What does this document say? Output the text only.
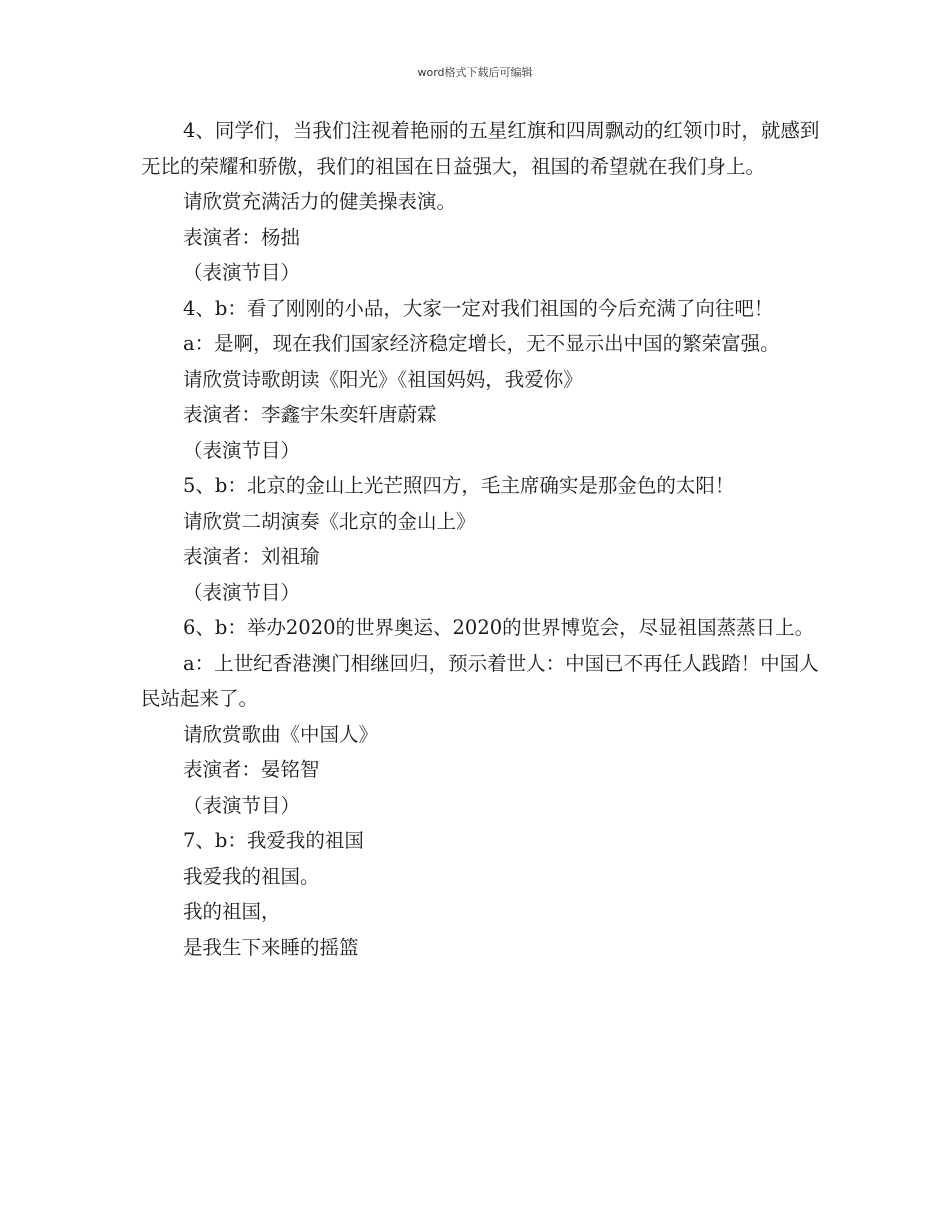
word格式下载后可编辑

4、同学们，当我们注视着艳丽的五星红旗和四周飘动的红领巾时，就感到无比的荣耀和骄傲，我们的祖国在日益强大，祖国的希望就在我们身上。

请欣赏充满活力的健美操表演。

表演者：杨拙

（表演节目）

4、b：看了刚刚的小品，大家一定对我们祖国的今后充满了向往吧！

a：是啊，现在我们国家经济稳定增长，无不显示出中国的繁荣富强。

请欣赏诗歌朗读《阳光》《祖国妈妈，我爱你》

表演者：李鑫宇朱奕轩唐蔚霖

（表演节目）

5、b：北京的金山上光芒照四方，毛主席确实是那金色的太阳！

请欣赏二胡演奏《北京的金山上》

表演者：刘祖瑜

（表演节目）

6、b：举办2020的世界奥运、2020的世界博览会，尽显祖国蒸蒸日上。

a：上世纪香港澳门相继回归，预示着世人：中国已不再任人践踏！中国人民站起来了。

请欣赏歌曲《中国人》

表演者：晏铭智

（表演节目）

7、b：我爱我的祖国

我爱我的祖国。

我的祖国，

是我生下来睡的摇篮
